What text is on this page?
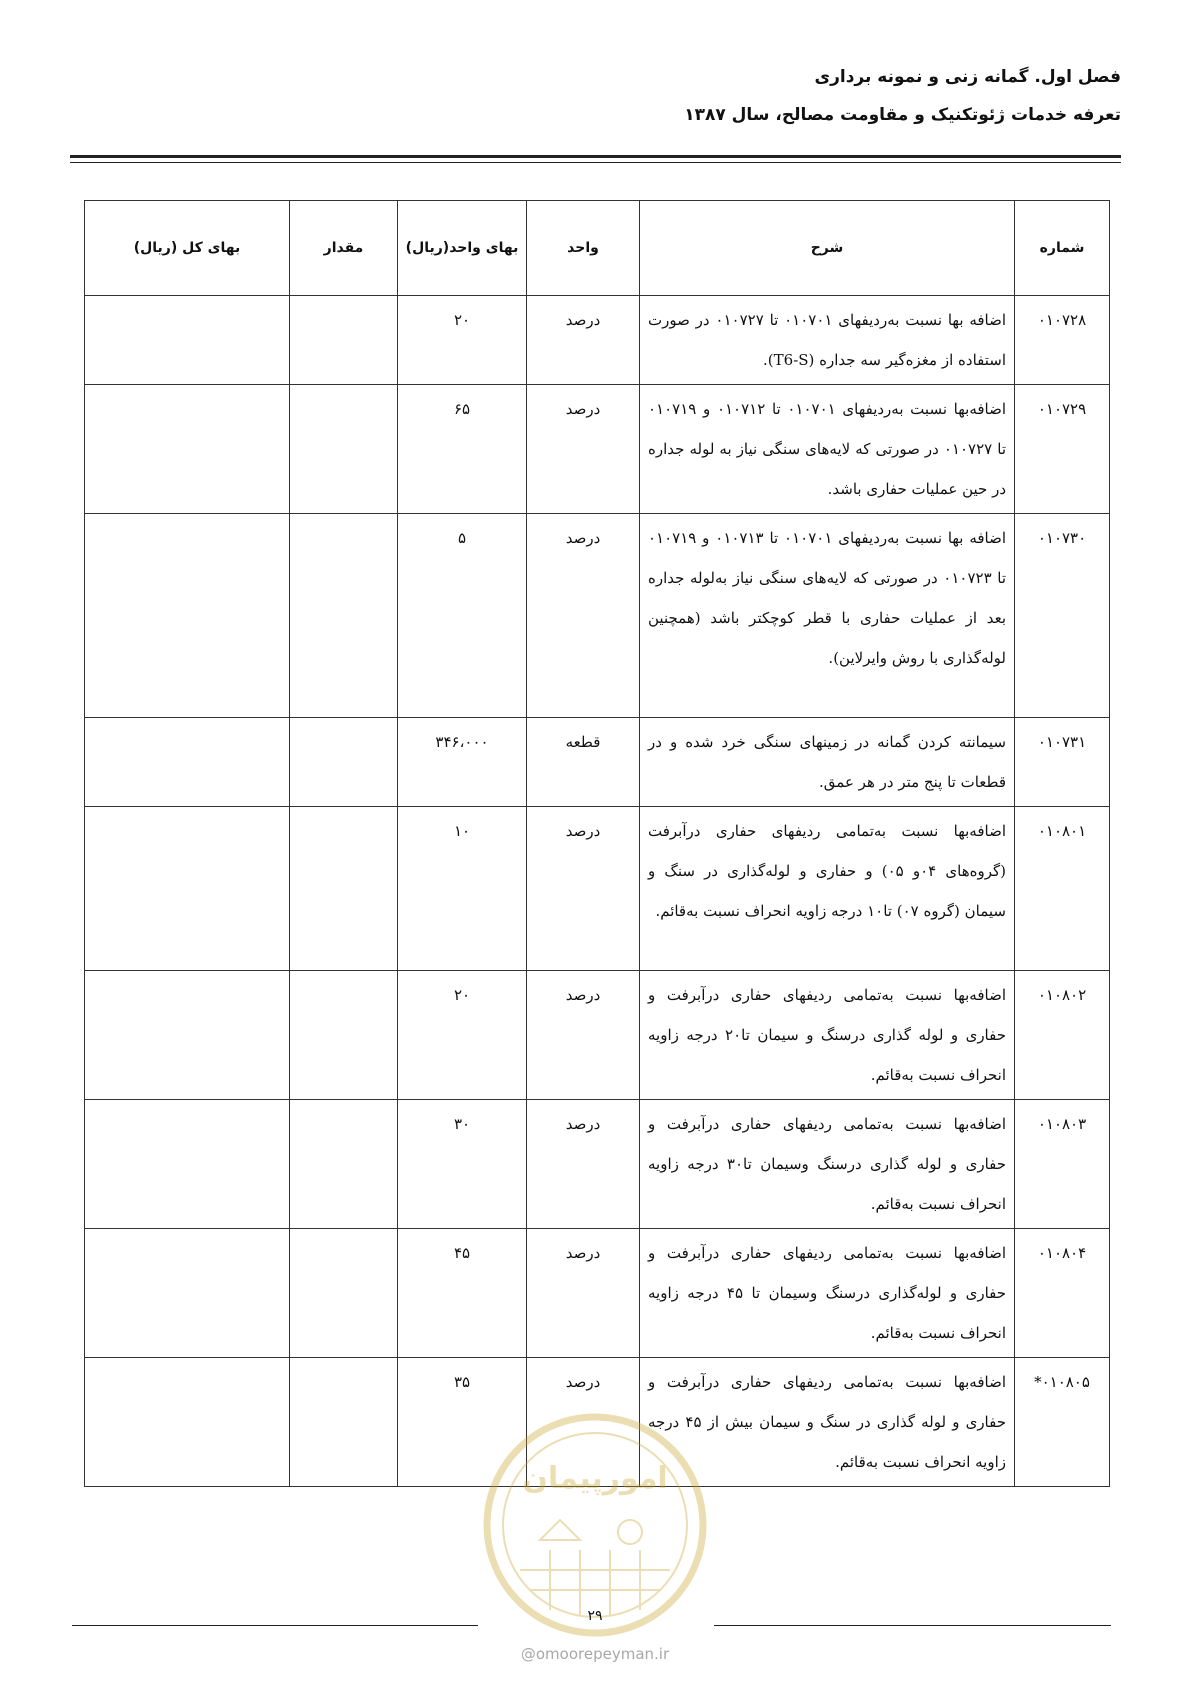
فصل اول. گمانه زنی و نمونه برداری
تعرفه خدمات ژئوتکنیک و مقاومت مصالح، سال ۱۳۸۷
شماره	شرح	واحد	بهای واحد(ریال)	مقدار	بهای کل (ریال)
۰۱۰۷۲۸	اضافه بها نسبت به‌ردیفهای ۰۱۰۷۰۱ تا ۰۱۰۷۲۷ در صورت استفاده از مغزه‌گیر سه جداره (T6-S).	درصد	۲۰		
۰۱۰۷۲۹	اضافه‌بها نسبت به‌ردیفهای ۰۱۰۷۰۱ تا ۰۱۰۷۱۲ و ۰۱۰۷۱۹ تا ۰۱۰۷۲۷ در صورتی که لایه‌های سنگی نیاز به لوله جداره در حین عملیات حفاری باشد.	درصد	۶۵		
۰۱۰۷۳۰	اضافه بها نسبت به‌ردیفهای ۰۱۰۷۰۱ تا ۰۱۰۷۱۳ و ۰۱۰۷۱۹ تا ۰۱۰۷۲۳ در صورتی که لایه‌های سنگی نیاز به‌لوله جداره بعد از عملیات حفاری با قطر کوچکتر باشد (همچنین لوله‌گذاری با روش وایرلاین).	درصد	۵		
۰۱۰۷۳۱	سیمانته کردن گمانه در زمینهای سنگی خرد شده و در قطعات تا پنج متر در هر عمق.	قطعه	۳۴۶،۰۰۰		
۰۱۰۸۰۱	اضافه‌بها نسبت به‌تمامی ردیفهای حفاری درآبرفت (گروه‌های ۰۴و ۰۵) و حفاری و لوله‌گذاری در سنگ و سیمان (گروه ۰۷) تا۱۰ درجه زاویه انحراف نسبت به‌قائم.	درصد	۱۰		
۰۱۰۸۰۲	اضافه‌بها نسبت به‌تمامی ردیفهای حفاری درآبرفت و حفاری و لوله گذاری درسنگ و سیمان تا۲۰ درجه زاویه انحراف نسبت به‌قائم.	درصد	۲۰		
۰۱۰۸۰۳	اضافه‌بها نسبت به‌تمامی ردیفهای حفاری درآبرفت و حفاری و لوله گذاری درسنگ وسیمان تا۳۰ درجه زاویه انحراف نسبت به‌قائم.	درصد	۳۰		
۰۱۰۸۰۴	اضافه‌بها نسبت به‌تمامی ردیفهای حفاری درآبرفت و حفاری و لوله‌گذاری درسنگ وسیمان تا ۴۵ درجه زاویه انحراف نسبت به‌قائم.	درصد	۴۵		
۰۱۰۸۰۵*	اضافه‌بها نسبت به‌تمامی ردیفهای حفاری درآبرفت و حفاری و لوله گذاری در سنگ و سیمان بیش از ۴۵ درجه زاویه انحراف نسبت به‌قائم.	درصد	۳۵		
امورپیمان
۲۹
@omoorepeyman.ir
